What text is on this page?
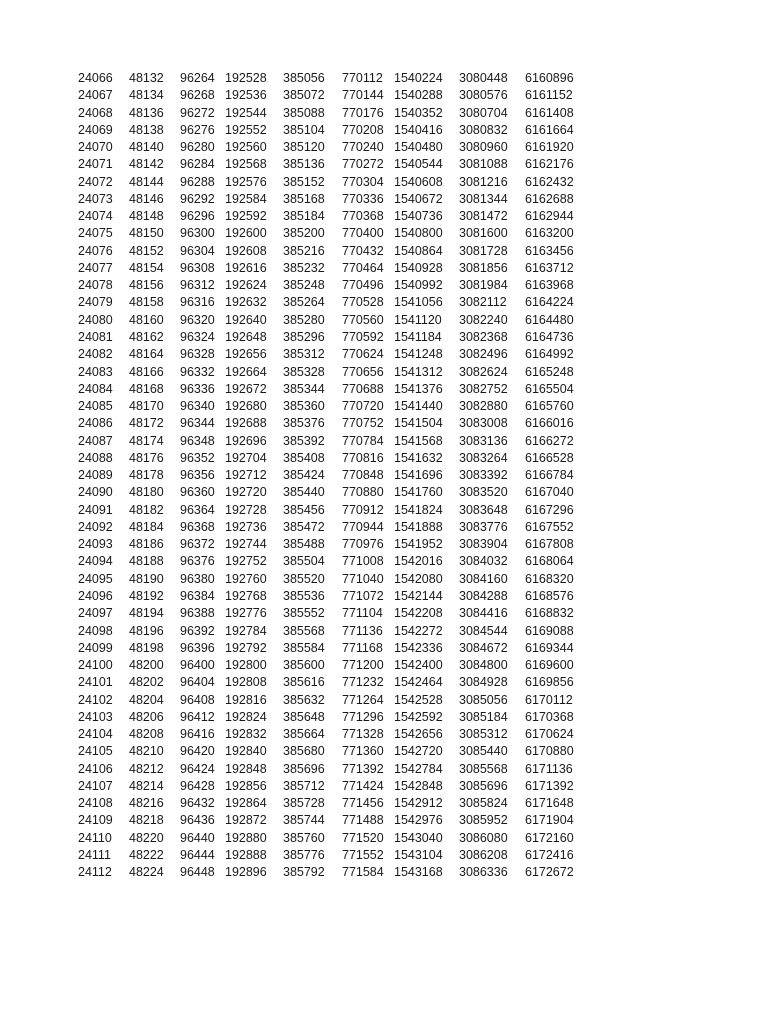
24066 48132 96264 192528 385056 770112 1540224 3080448 6160896
24067 48134 96268 192536 385072 770144 1540288 3080576 6161152
24068 48136 96272 192544 385088 770176 1540352 3080704 6161408
24069 48138 96276 192552 385104 770208 1540416 3080832 6161664
24070 48140 96280 192560 385120 770240 1540480 3080960 6161920
24071 48142 96284 192568 385136 770272 1540544 3081088 6162176
24072 48144 96288 192576 385152 770304 1540608 3081216 6162432
24073 48146 96292 192584 385168 770336 1540672 3081344 6162688
24074 48148 96296 192592 385184 770368 1540736 3081472 6162944
24075 48150 96300 192600 385200 770400 1540800 3081600 6163200
24076 48152 96304 192608 385216 770432 1540864 3081728 6163456
24077 48154 96308 192616 385232 770464 1540928 3081856 6163712
24078 48156 96312 192624 385248 770496 1540992 3081984 6163968
24079 48158 96316 192632 385264 770528 1541056 3082112 6164224
24080 48160 96320 192640 385280 770560 1541120 3082240 6164480
24081 48162 96324 192648 385296 770592 1541184 3082368 6164736
24082 48164 96328 192656 385312 770624 1541248 3082496 6164992
24083 48166 96332 192664 385328 770656 1541312 3082624 6165248
24084 48168 96336 192672 385344 770688 1541376 3082752 6165504
24085 48170 96340 192680 385360 770720 1541440 3082880 6165760
24086 48172 96344 192688 385376 770752 1541504 3083008 6166016
24087 48174 96348 192696 385392 770784 1541568 3083136 6166272
24088 48176 96352 192704 385408 770816 1541632 3083264 6166528
24089 48178 96356 192712 385424 770848 1541696 3083392 6166784
24090 48180 96360 192720 385440 770880 1541760 3083520 6167040
24091 48182 96364 192728 385456 770912 1541824 3083648 6167296
24092 48184 96368 192736 385472 770944 1541888 3083776 6167552
24093 48186 96372 192744 385488 770976 1541952 3083904 6167808
24094 48188 96376 192752 385504 771008 1542016 3084032 6168064
24095 48190 96380 192760 385520 771040 1542080 3084160 6168320
24096 48192 96384 192768 385536 771072 1542144 3084288 6168576
24097 48194 96388 192776 385552 771104 1542208 3084416 6168832
24098 48196 96392 192784 385568 771136 1542272 3084544 6169088
24099 48198 96396 192792 385584 771168 1542336 3084672 6169344
24100 48200 96400 192800 385600 771200 1542400 3084800 6169600
24101 48202 96404 192808 385616 771232 1542464 3084928 6169856
24102 48204 96408 192816 385632 771264 1542528 3085056 6170112
24103 48206 96412 192824 385648 771296 1542592 3085184 6170368
24104 48208 96416 192832 385664 771328 1542656 3085312 6170624
24105 48210 96420 192840 385680 771360 1542720 3085440 6170880
24106 48212 96424 192848 385696 771392 1542784 3085568 6171136
24107 48214 96428 192856 385712 771424 1542848 3085696 6171392
24108 48216 96432 192864 385728 771456 1542912 3085824 6171648
24109 48218 96436 192872 385744 771488 1542976 3085952 6171904
24110 48220 96440 192880 385760 771520 1543040 3086080 6172160
24111 48222 96444 192888 385776 771552 1543104 3086208 6172416
24112 48224 96448 192896 385792 771584 1543168 3086336 6172672
